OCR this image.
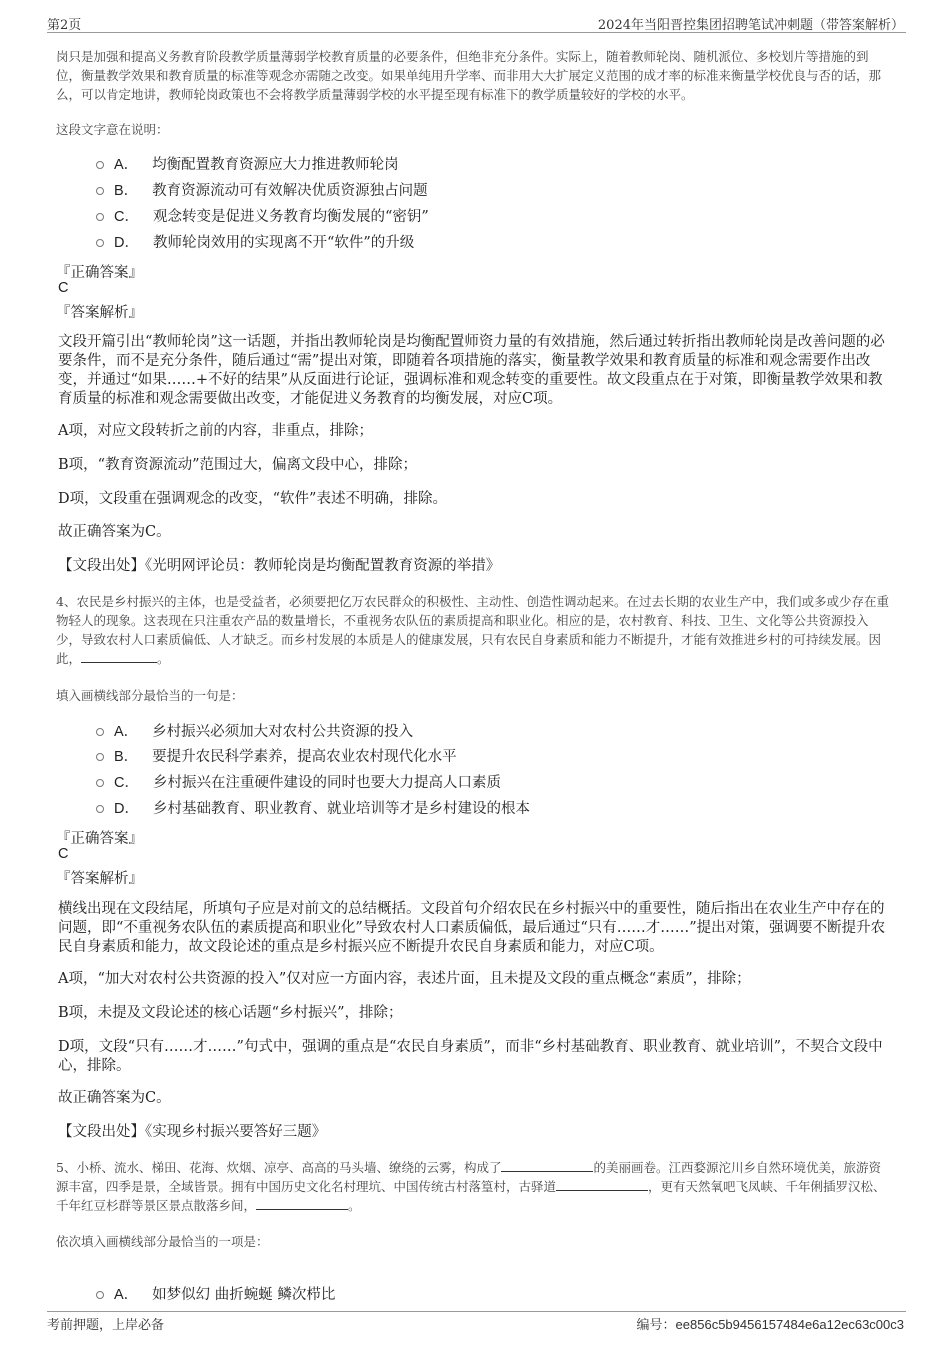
第2页	2024年当阳晋控集团招聘笔试冲刺题（带答案解析）

岗只是加强和提高义务教育阶段教学质量薄弱学校教育质量的必要条件，但绝非充分条件。实际上，随着教师轮岗、随机派位、多校划片等措施的到位，衡量教学效果和教育质量的标准等观念亦需随之改变。如果单纯用升学率、而非用大大扩展定义范围的成才率的标准来衡量学校优良与否的话，那么，可以肯定地讲，教师轮岗政策也不会将教学质量薄弱学校的水平提至现有标准下的教学质量较好的学校的水平。

这段文字意在说明：

A． 均衡配置教育资源应大力推进教师轮岗
B． 教育资源流动可有效解决优质资源独占问题
C． 观念转变是促进义务教育均衡发展的“密钥”
D． 教师轮岗效用的实现离不开“软件”的升级
『正确答案』
C
『答案解析』

文段开篇引出“教师轮岗”这一话题，并指出教师轮岗是均衡配置师资力量的有效措施，然后通过转折指出教师轮岗是改善问题的必要条件，而不是充分条件，随后通过“需”提出对策，即随着各项措施的落实，衡量教学效果和教育质量的标准和观念需要作出改变，并通过“如果……+不好的结果”从反面进行论证，强调标准和观念转变的重要性。故文段重点在于对策，即衡量教学效果和教育质量的标准和观念需要做出改变，才能促进义务教育的均衡发展，对应C项。

A项，对应文段转折之前的内容，非重点，排除；

B项，“教育资源流动”范围过大，偏离文段中心，排除；

D项，文段重在强调观念的改变，“软件”表述不明确，排除。

故正确答案为C。

【文段出处】《光明网评论员：教师轮岗是均衡配置教育资源的举措》

4、农民是乡村振兴的主体，也是受益者，必须要把亿万农民群众的积极性、主动性、创造性调动起来。在过去长期的农业生产中，我们或多或少存在重物轻人的现象。这表现在只注重农产品的数量增长，不重视务农队伍的素质提高和职业化。相应的是，农村教育、科技、卫生、文化等公共资源投入少，导致农村人口素质偏低、人才缺乏。而乡村发展的本质是人的健康发展，只有农民自身素质和能力不断提升，才能有效推进乡村的可持续发展。因此，	。

填入画横线部分最恰当的一句是：

A． 乡村振兴必须加大对农村公共资源的投入
B． 要提升农民科学素养，提高农业农村现代化水平
C． 乡村振兴在注重硬件建设的同时也要大力提高人口素质
D． 乡村基础教育、职业教育、就业培训等才是乡村建设的根本
『正确答案』
C
『答案解析』

横线出现在文段结尾，所填句子应是对前文的总结概括。文段首句介绍农民在乡村振兴中的重要性，随后指出在农业生产中存在的问题，即“不重视务农队伍的素质提高和职业化”导致农村人口素质偏低，最后通过“只有……才……”提出对策，强调要不断提升农民自身素质和能力，故文段论述的重点是乡村振兴应不断提升农民自身素质和能力，对应C项。

A项，“加大对农村公共资源的投入”仅对应一方面内容，表述片面，且未提及文段的重点概念“素质”，排除；

B项，未提及文段论述的核心话题“乡村振兴”，排除；

D项，文段“只有……才……”句式中，强调的重点是“农民自身素质”，而非“乡村基础教育、职业教育、就业培训”，不契合文段中心，排除。

故正确答案为C。

【文段出处】《实现乡村振兴要答好三题》

5、小桥、流水、梯田、花海、炊烟、凉亭、高高的马头墙、缭绕的云雾，构成了	的美丽画卷。江西婺源沱川乡自然环境优美，旅游资源丰富，四季是景，全域皆景。拥有中国历史文化名村理坑、中国传统古村落篁村，古驿道	，更有天然氧吧飞凤峡、千年俐插罗汉松、千年红豆杉群等景区景点散落乡间，	。

依次填入画横线部分最恰当的一项是：

A． 如梦似幻 曲折蜿蜒 鳞次栉比
考前押题，上岸必备	编号：ee856c5b9456157484e6a12ec63c00c3
